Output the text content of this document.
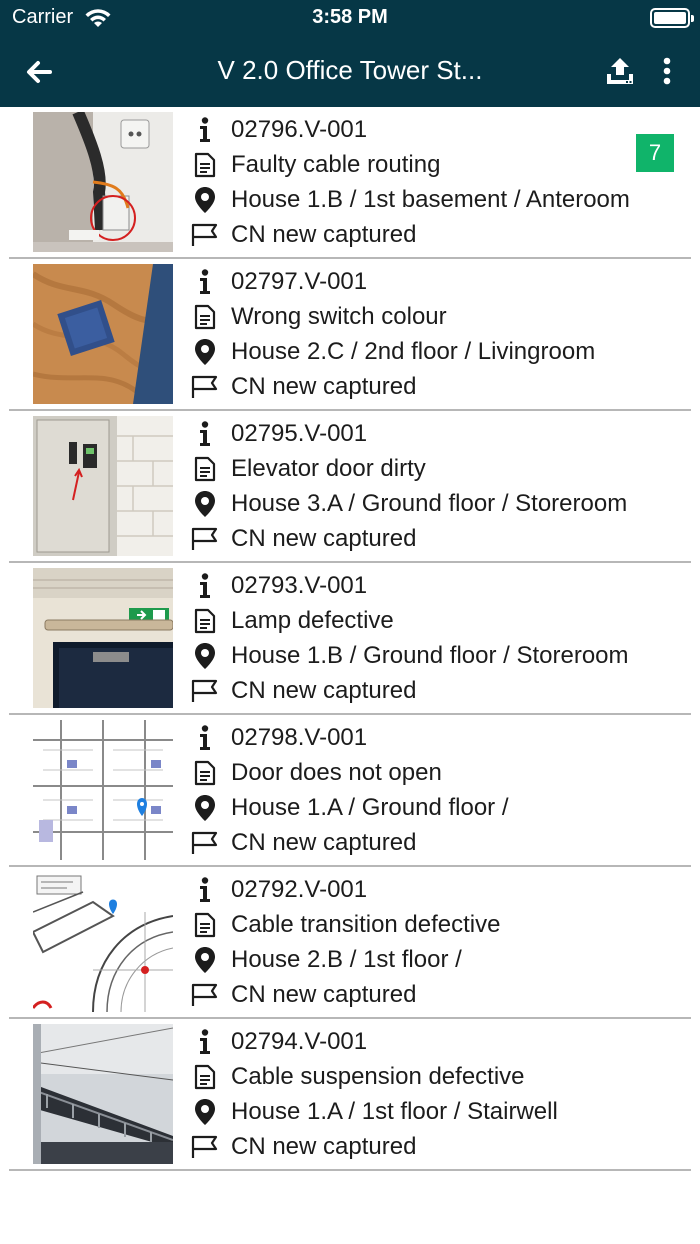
Carrier	3:58 PM
V 2.0 Office Tower St...
02796.V-001
Faulty cable routing
House 1.B / 1st basement / Anteroom
CN new captured
7
02797.V-001
Wrong switch colour
House 2.C / 2nd floor / Livingroom
CN new captured
02795.V-001
Elevator door dirty
House 3.A / Ground floor / Storeroom
CN new captured
02793.V-001
Lamp defective
House 1.B / Ground floor / Storeroom
CN new captured
02798.V-001
Door does not open
House 1.A / Ground floor /
CN new captured
02792.V-001
Cable transition defective
House 2.B / 1st floor /
CN new captured
02794.V-001
Cable suspension defective
House 1.A / 1st floor / Stairwell
CN new captured
